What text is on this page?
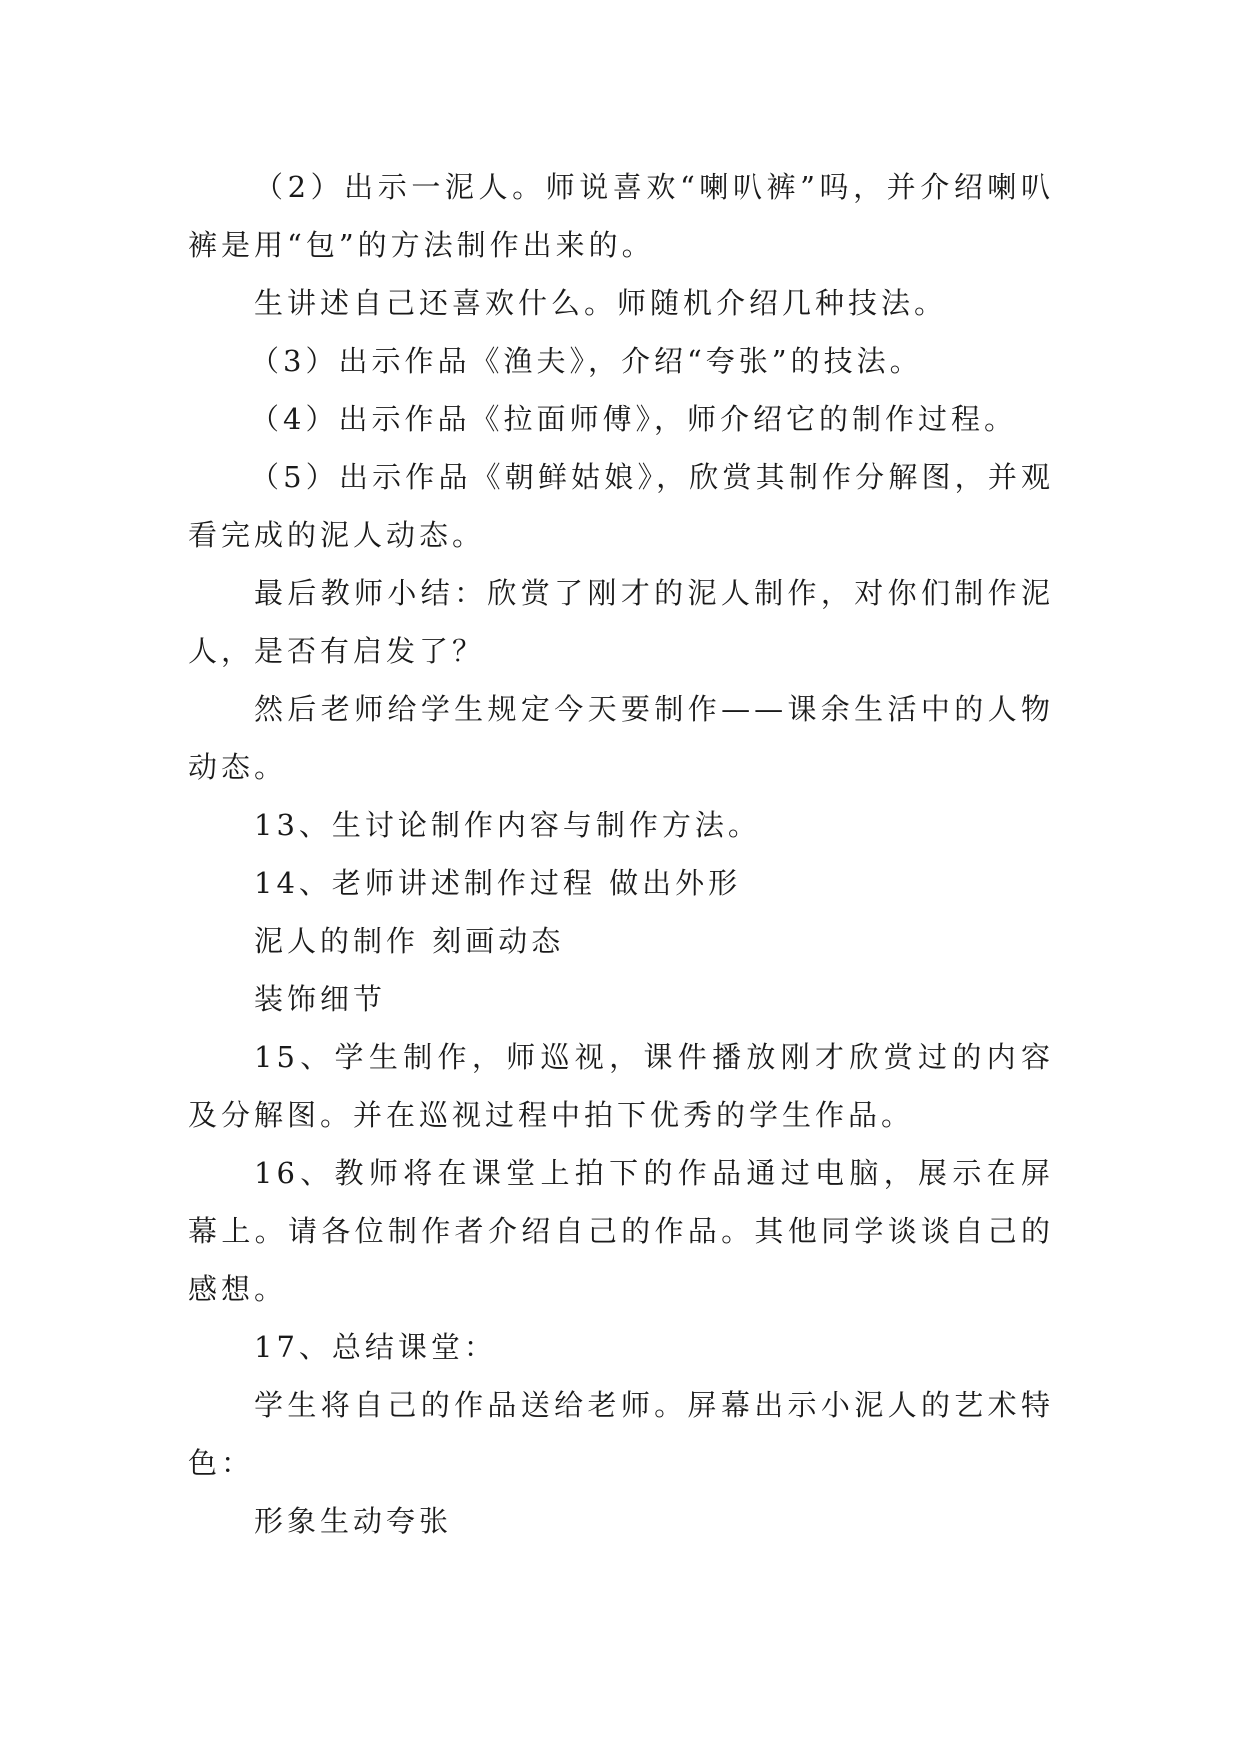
（2）出示一泥人。师说喜欢“喇叭裤”吗，并介绍喇叭裤是用“包”的方法制作出来的。

生讲述自己还喜欢什么。师随机介绍几种技法。

（3）出示作品《渔夫》，介绍“夸张”的技法。

（4）出示作品《拉面师傅》，师介绍它的制作过程。

（5）出示作品《朝鲜姑娘》，欣赏其制作分解图，并观看完成的泥人动态。

最后教师小结：欣赏了刚才的泥人制作，对你们制作泥人，是否有启发了？

然后老师给学生规定今天要制作——课余生活中的人物动态。

13、生讨论制作内容与制作方法。

14、老师讲述制作过程 做出外形

泥人的制作 刻画动态

装饰细节

15、学生制作，师巡视，课件播放刚才欣赏过的内容及分解图。并在巡视过程中拍下优秀的学生作品。

16、教师将在课堂上拍下的作品通过电脑，展示在屏幕上。请各位制作者介绍自己的作品。其他同学谈谈自己的感想。

17、总结课堂：

学生将自己的作品送给老师。屏幕出示小泥人的艺术特色：

形象生动夸张
